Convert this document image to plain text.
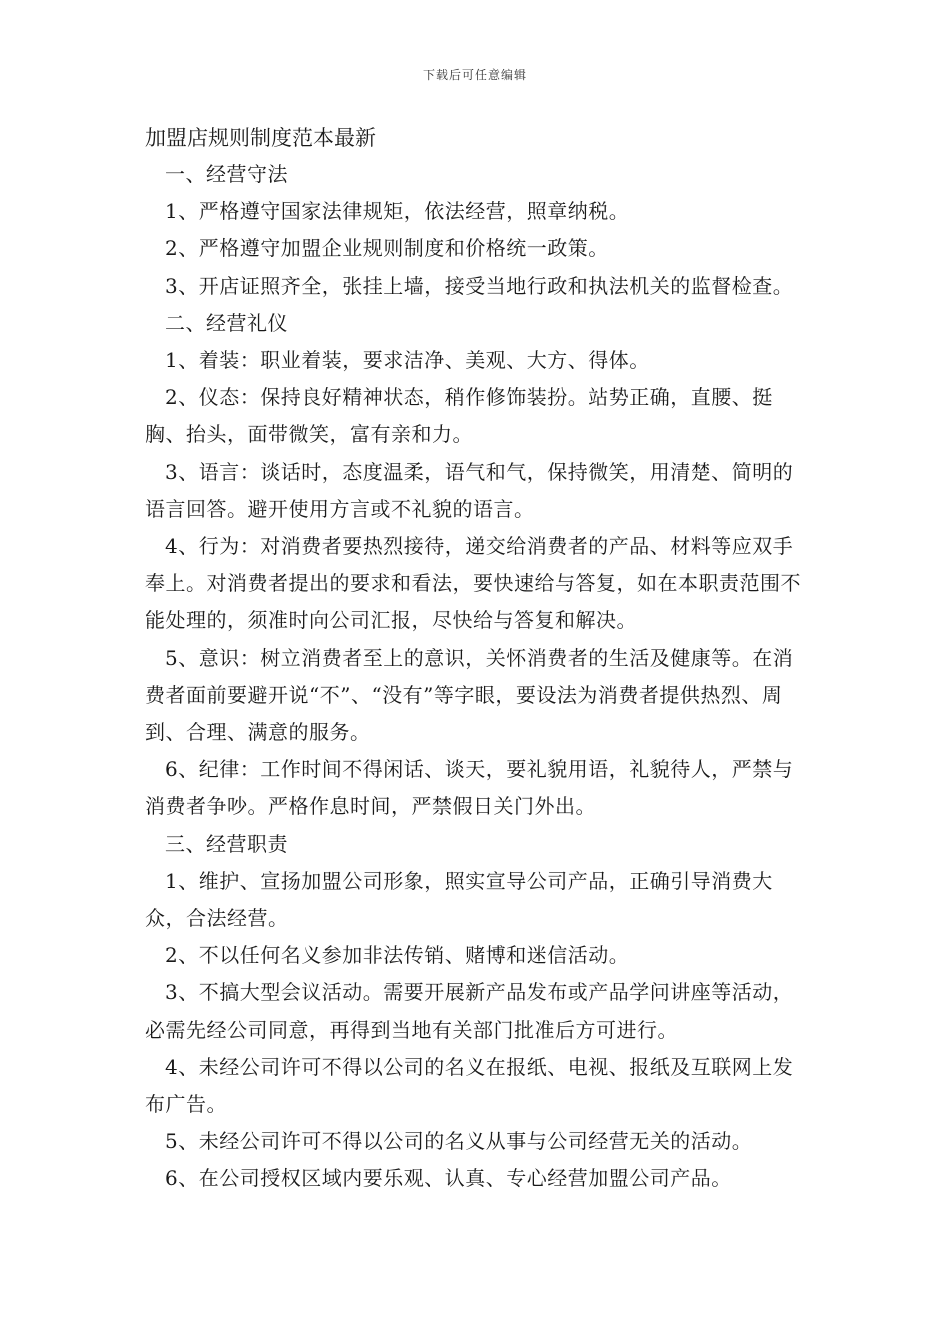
下载后可任意编辑
加盟店规则制度范本最新

一、经营守法

1、严格遵守国家法律规矩，依法经营，照章纳税。

2、严格遵守加盟企业规则制度和价格统一政策。

3、开店证照齐全，张挂上墙，接受当地行政和执法机关的监督检查。

二、经营礼仪

1、着装：职业着装，要求洁净、美观、大方、得体。

2、仪态：保持良好精神状态，稍作修饰装扮。站势正确，直腰、挺胸、抬头，面带微笑，富有亲和力。

3、语言：谈话时，态度温柔，语气和气，保持微笑，用清楚、简明的语言回答。避开使用方言或不礼貌的语言。

4、行为：对消费者要热烈接待，递交给消费者的产品、材料等应双手奉上。对消费者提出的要求和看法，要快速给与答复，如在本职责范围不能处理的，须准时向公司汇报，尽快给与答复和解决。

5、意识：树立消费者至上的意识，关怀消费者的生活及健康等。在消费者面前要避开说“不”、“没有”等字眼，要设法为消费者提供热烈、周到、合理、满意的服务。

6、纪律：工作时间不得闲话、谈天，要礼貌用语，礼貌待人，严禁与消费者争吵。严格作息时间，严禁假日关门外出。

三、经营职责

1、维护、宣扬加盟公司形象，照实宣导公司产品，正确引导消费大众，合法经营。

2、不以任何名义参加非法传销、赌博和迷信活动。

3、不搞大型会议活动。需要开展新产品发布或产品学问讲座等活动，必需先经公司同意，再得到当地有关部门批准后方可进行。

4、未经公司许可不得以公司的名义在报纸、电视、报纸及互联网上发布广告。

5、未经公司许可不得以公司的名义从事与公司经营无关的活动。

6、在公司授权区域内要乐观、认真、专心经营加盟公司产品。
